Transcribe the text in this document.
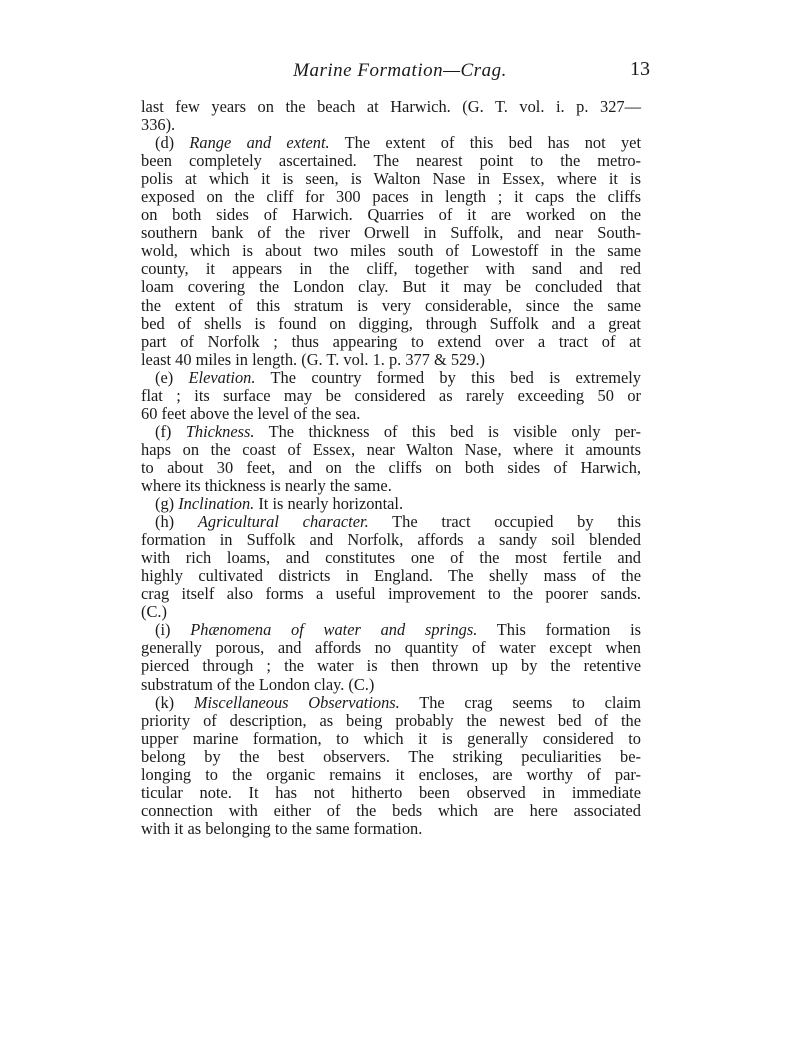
Marine Formation—Crag.	13
last few years on the beach at Harwich. (G. T. vol. i. p. 327—
336).
(d) Range and extent. The extent of this bed has not yet
been completely ascertained. The nearest point to the metro-
polis at which it is seen, is Walton Nase in Essex, where it is
exposed on the cliff for 300 paces in length ; it caps the cliffs
on both sides of Harwich. Quarries of it are worked on the
southern bank of the river Orwell in Suffolk, and near South-
wold, which is about two miles south of Lowestoff in the same
county, it appears in the cliff, together with sand and red
loam covering the London clay. But it may be concluded that
the extent of this stratum is very considerable, since the same
bed of shells is found on digging, through Suffolk and a great
part of Norfolk ; thus appearing to extend over a tract of at
least 40 miles in length. (G. T. vol. 1. p. 377 & 529.)
(e) Elevation. The country formed by this bed is extremely
flat ; its surface may be considered as rarely exceeding 50 or
60 feet above the level of the sea.
(f) Thickness. The thickness of this bed is visible only per-
haps on the coast of Essex, near Walton Nase, where it amounts
to about 30 feet, and on the cliffs on both sides of Harwich,
where its thickness is nearly the same.
(g) Inclination. It is nearly horizontal.
(h) Agricultural character. The tract occupied by this
formation in Suffolk and Norfolk, affords a sandy soil blended
with rich loams, and constitutes one of the most fertile and
highly cultivated districts in England. The shelly mass of the
crag itself also forms a useful improvement to the poorer sands.
(C.)
(i) Phænomena of water and springs. This formation is
generally porous, and affords no quantity of water except when
pierced through ; the water is then thrown up by the retentive
substratum of the London clay. (C.)
(k) Miscellaneous Observations. The crag seems to claim
priority of description, as being probably the newest bed of the
upper marine formation, to which it is generally considered to
belong by the best observers. The striking peculiarities be-
longing to the organic remains it encloses, are worthy of par-
ticular note. It has not hitherto been observed in immediate
connection with either of the beds which are here associated
with it as belonging to the same formation.
